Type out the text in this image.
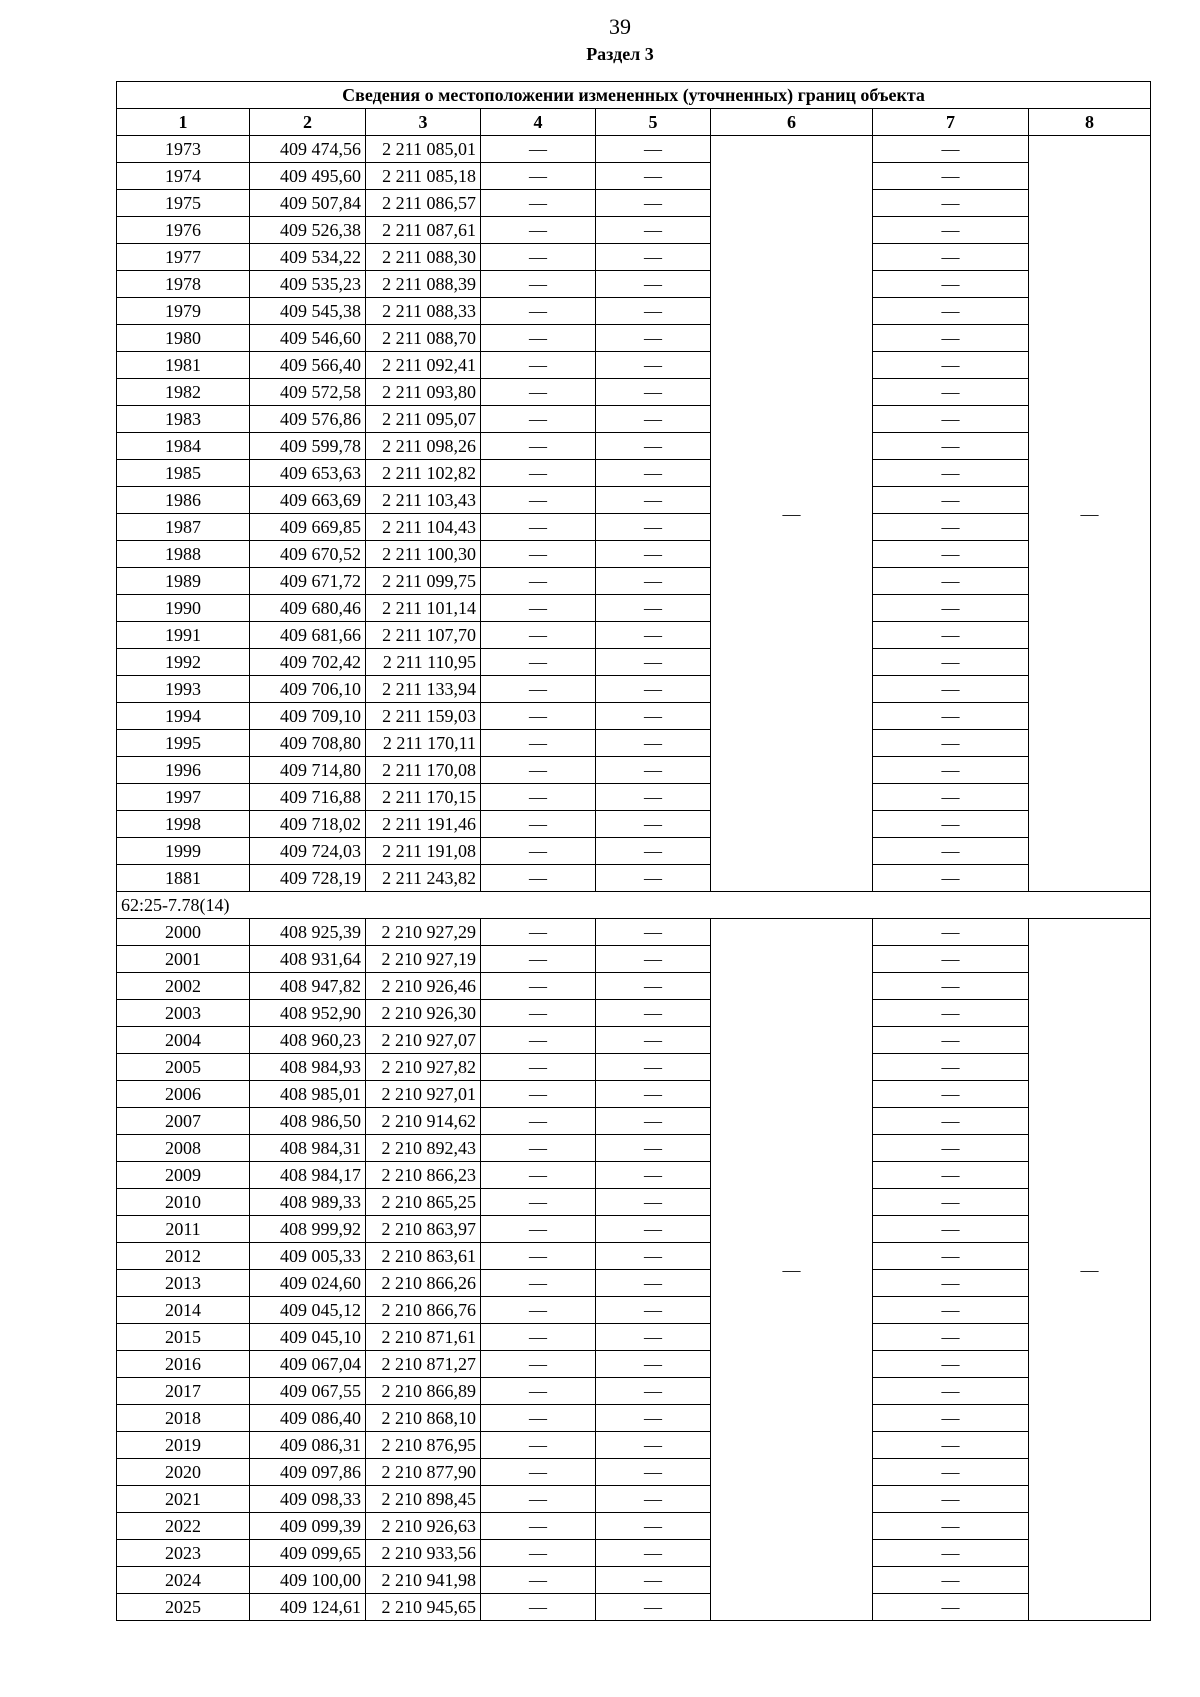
39
Раздел 3
Сведения о местоположении измененных (уточненных) границ объекта							
1	2	3	4	5	6	7	8
1973	409 474,56	2 211 085,01	—	—	—	—	—
1974	409 495,60	2 211 085,18	—	—		—	
1975	409 507,84	2 211 086,57	—	—		—	
1976	409 526,38	2 211 087,61	—	—		—	
1977	409 534,22	2 211 088,30	—	—		—	
1978	409 535,23	2 211 088,39	—	—		—	
1979	409 545,38	2 211 088,33	—	—		—	
1980	409 546,60	2 211 088,70	—	—		—	
1981	409 566,40	2 211 092,41	—	—		—	
1982	409 572,58	2 211 093,80	—	—		—	
1983	409 576,86	2 211 095,07	—	—		—	
1984	409 599,78	2 211 098,26	—	—		—	
1985	409 653,63	2 211 102,82	—	—		—	
1986	409 663,69	2 211 103,43	—	—		—	
1987	409 669,85	2 211 104,43	—	—		—	
1988	409 670,52	2 211 100,30	—	—		—	
1989	409 671,72	2 211 099,75	—	—		—	
1990	409 680,46	2 211 101,14	—	—		—	
1991	409 681,66	2 211 107,70	—	—		—	
1992	409 702,42	2 211 110,95	—	—		—	
1993	409 706,10	2 211 133,94	—	—		—	
1994	409 709,10	2 211 159,03	—	—		—	
1995	409 708,80	2 211 170,11	—	—		—	
1996	409 714,80	2 211 170,08	—	—		—	
1997	409 716,88	2 211 170,15	—	—		—	
1998	409 718,02	2 211 191,46	—	—		—	
1999	409 724,03	2 211 191,08	—	—		—	
1881	409 728,19	2 211 243,82	—	—		—	
62:25-7.78(14)							
2000	408 925,39	2 210 927,29	—	—	—	—	—
2001	408 931,64	2 210 927,19	—	—		—	
2002	408 947,82	2 210 926,46	—	—		—	
2003	408 952,90	2 210 926,30	—	—		—	
2004	408 960,23	2 210 927,07	—	—		—	
2005	408 984,93	2 210 927,82	—	—		—	
2006	408 985,01	2 210 927,01	—	—		—	
2007	408 986,50	2 210 914,62	—	—		—	
2008	408 984,31	2 210 892,43	—	—		—	
2009	408 984,17	2 210 866,23	—	—		—	
2010	408 989,33	2 210 865,25	—	—		—	
2011	408 999,92	2 210 863,97	—	—		—	
2012	409 005,33	2 210 863,61	—	—		—	
2013	409 024,60	2 210 866,26	—	—		—	
2014	409 045,12	2 210 866,76	—	—		—	
2015	409 045,10	2 210 871,61	—	—		—	
2016	409 067,04	2 210 871,27	—	—		—	
2017	409 067,55	2 210 866,89	—	—		—	
2018	409 086,40	2 210 868,10	—	—		—	
2019	409 086,31	2 210 876,95	—	—		—	
2020	409 097,86	2 210 877,90	—	—		—	
2021	409 098,33	2 210 898,45	—	—		—	
2022	409 099,39	2 210 926,63	—	—		—	
2023	409 099,65	2 210 933,56	—	—		—	
2024	409 100,00	2 210 941,98	—	—		—	
2025	409 124,61	2 210 945,65	—	—		—	
